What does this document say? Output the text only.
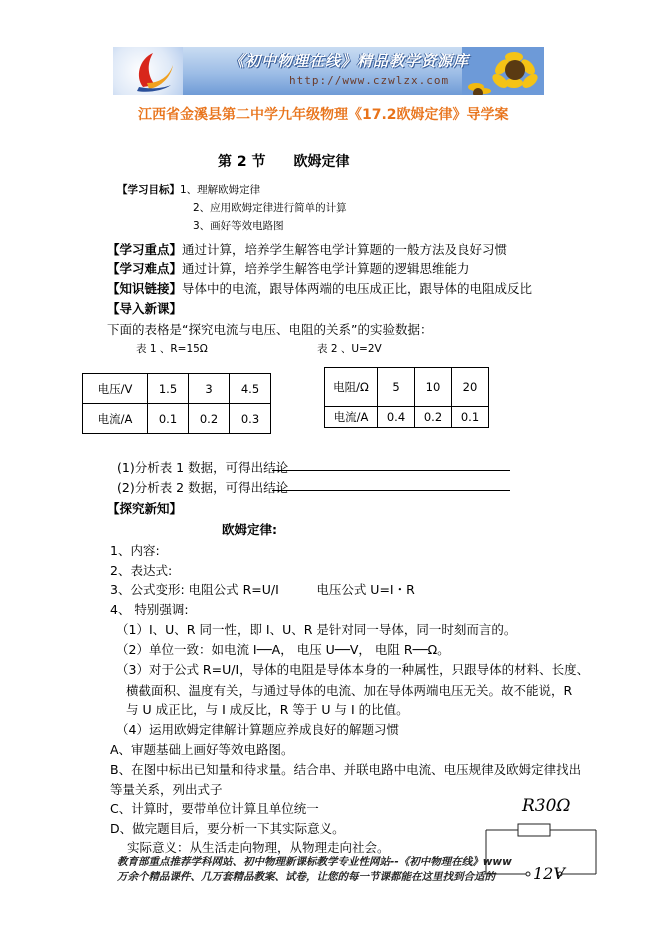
《初中物理在线》精品教学资源库
http://www.czwlzx.com
江西省金溪县第二中学九年级物理《17.2欧姆定律》导学案
第 2 节　　欧姆定律
【学习目标】 1、理解欧姆定律
2、应用欧姆定律进行简单的计算
3、画好等效电路图
【学习重点】通过计算，培养学生解答电学计算题的一般方法及良好习惯
【学习难点】通过计算，培养学生解答电学计算题的逻辑思维能力
【知识链接】导体中的电流，跟导体两端的电压成正比，跟导体的电阻成反比
【导入新课】
下面的表格是“探究电流与电压、电阻的关系”的实验数据：
表 1 、R=15Ω	表 2 、U=2V
电压/V	1.5	3	4.5
电流/A	0.1	0.2	0.3
电阻/Ω	5	10	20
电流/A	0.4	0.2	0.1
(1)分析表 1 数据，可得出结论
(2)分析表 2 数据，可得出结论
【探究新知】
欧姆定律:
1、内容:
2、表达式:
3、公式变形: 电阻公式 R=U/I　　　电压公式 U=I・R
4、 特别强调:
（1）I、U、R 同一性，即 I、U、R 是针对同一导体，同一时刻而言的。
（2）单位一致：如电流 I──A， 电压 U──V， 电阻 R──Ω。
（3）对于公式 R=U/I，导体的电阻是导体本身的一种属性，只跟导体的材料、长度、
横截面积、温度有关，与通过导体的电流、加在导体两端电压无关。故不能说，R
与 U 成正比，与 I 成反比，R 等于 U 与 I 的比值。
（4）运用欧姆定律解计算题应养成良好的解题习惯
A、审题基础上画好等效电路图。
B、在图中标出已知量和待求量。结合串、并联电路中电流、电压规律及欧姆定律找出
等量关系，列出式子
C、计算时，要带单位计算且单位统一
D、做完题目后，要分析一下其实际意义。
实际意义：从生活走向物理，从物理走向社会。
R30Ω
12V
教育部重点推荐学科网站、初中物理新课标教学专业性网站--《初中物理在线》www
万余个精品课件、几万套精品教案、试卷，让您的每一节课都能在这里找到合适的
